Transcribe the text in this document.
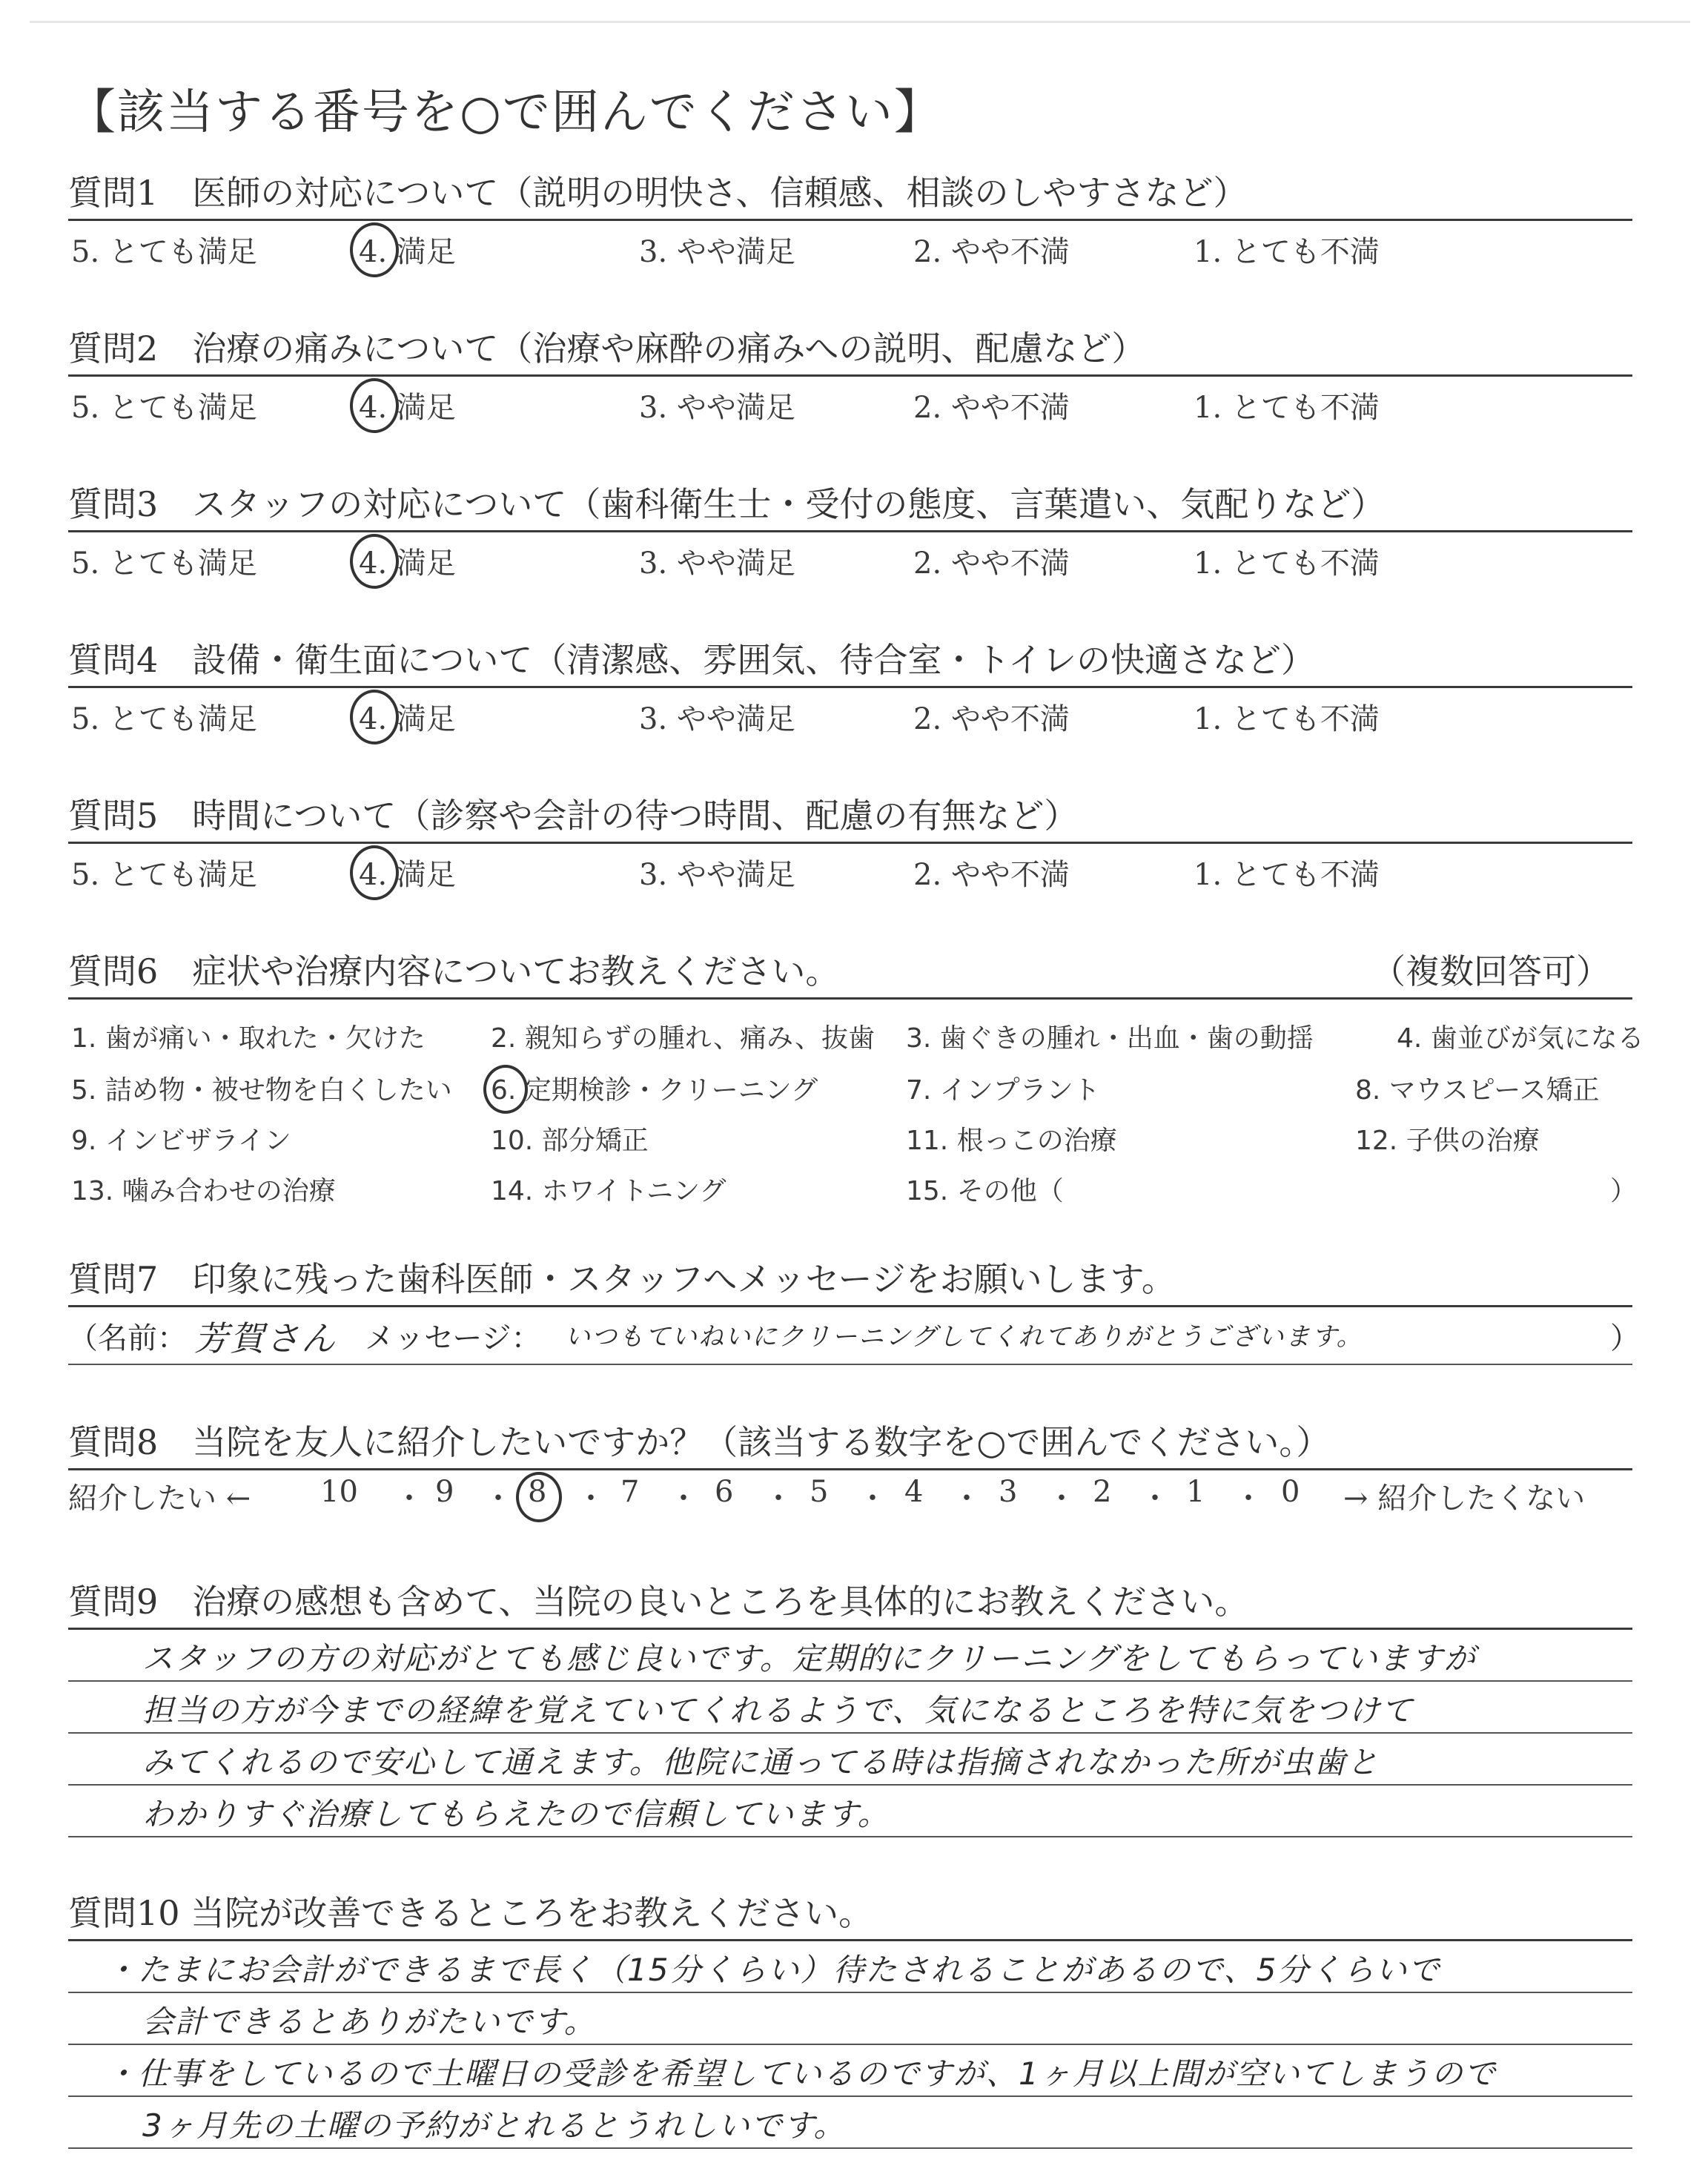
【該当する番号を○で囲んでください】
質問1　医師の対応について（説明の明快さ、信頼感、相談のしやすさなど）
5. とても満足	4. 満足	3. やや満足	2. やや不満	1. とても不満
質問2　治療の痛みについて（治療や麻酔の痛みへの説明、配慮など）
5. とても満足	4. 満足	3. やや満足	2. やや不満	1. とても不満
質問3　スタッフの対応について（歯科衛生士・受付の態度、言葉遣い、気配りなど）
5. とても満足	4. 満足	3. やや満足	2. やや不満	1. とても不満
質問4　設備・衛生面について（清潔感、雰囲気、待合室・トイレの快適さなど）
5. とても満足	4. 満足	3. やや満足	2. やや不満	1. とても不満
質問5　時間について（診察や会計の待つ時間、配慮の有無など）
5. とても満足	4. 満足	3. やや満足	2. やや不満	1. とても不満
質問6　症状や治療内容についてお教えください。	（複数回答可）
1. 歯が痛い・取れた・欠けた 2. 親知らずの腫れ、痛み、抜歯 3. 歯ぐきの腫れ・出血・歯の動揺	4. 歯並びが気になる
5. 詰め物・被せ物を白くしたい 6. 定期検診・クリーニング	7. インプラント	8. マウスピース矯正
9. インビザライン	10. 部分矯正	11. 根っこの治療	12. 子供の治療
13. 噛み合わせの治療	14. ホワイトニング	15. その他（	）
質問7　印象に残った歯科医師・スタッフへメッセージをお願いします。
（名前： 芳賀さん メッセージ： いつもていねいにクリーニングしてくれてありがとうございます。	）
質問8　当院を友人に紹介したいですか？（該当する数字を○で囲んでください。）
紹介したい ← 10 ・ 9 ・ 8 ・ 7 ・ 6 ・ 5 ・ 4 ・ 3 ・ 2 ・ 1 ・ 0 → 紹介したくない
質問9　治療の感想も含めて、当院の良いところを具体的にお教えください。
スタッフの方の対応がとても感じ良いです。定期的にクリーニングをしてもらっていますが
担当の方が今までの経緯を覚えていてくれるようで、気になるところを特に気をつけて
みてくれるので安心して通えます。他院に通ってる時は指摘されなかった所が虫歯と
わかりすぐ治療してもらえたので信頼しています。
質問10 当院が改善できるところをお教えください。
・たまにお会計ができるまで長く（15分くらい）待たされることがあるので、5分くらいで
会計できるとありがたいです。
・仕事をしているので土曜日の受診を希望しているのですが、1ヶ月以上間が空いてしまうので
3ヶ月先の土曜の予約がとれるとうれしいです。
